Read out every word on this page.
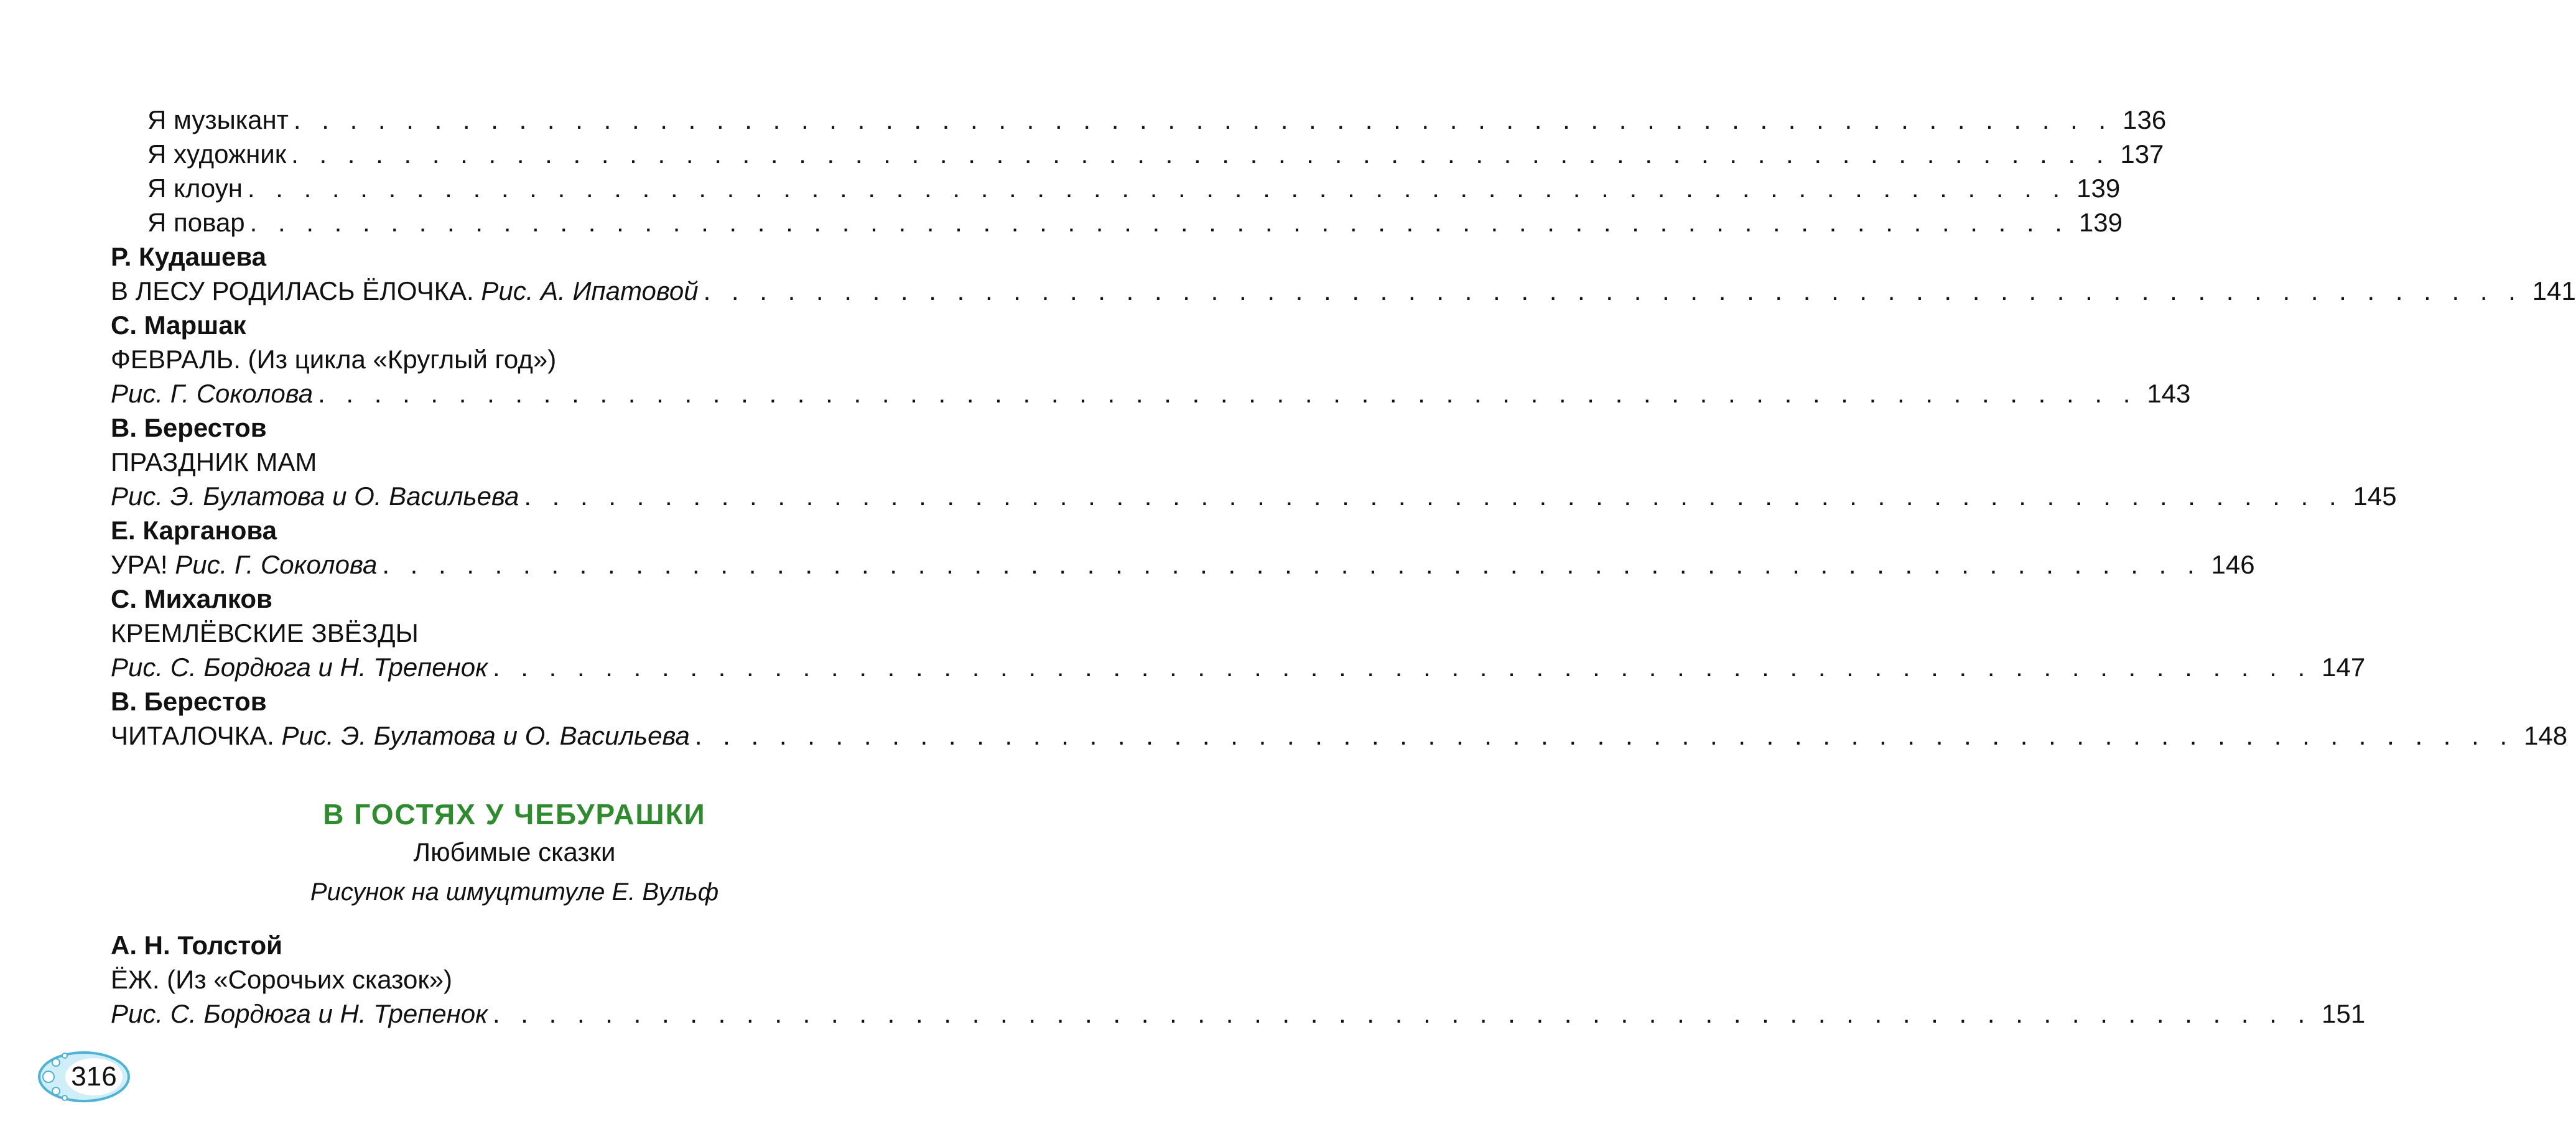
Я музыкант . . . . . . . . . . . . . . . . . . . . . . . . . . . . . . . . . . . . . . . . . . . . . . . . . . . . . . . . . . . . . . . . . 136
Я художник . . . . . . . . . . . . . . . . . . . . . . . . . . . . . . . . . . . . . . . . . . . . . . . . . . . . . . . . . . . . . . . . . 137
Я клоун . . . . . . . . . . . . . . . . . . . . . . . . . . . . . . . . . . . . . . . . . . . . . . . . . . . . . . . . . . . . . . . . . 139
Я повар . . . . . . . . . . . . . . . . . . . . . . . . . . . . . . . . . . . . . . . . . . . . . . . . . . . . . . . . . . . . . . . . . 139
Р. Кудашева
В ЛЕСУ РОДИЛАСЬ ЁЛОЧКА. Рис. А. Ипатовой . . . . . . . . . . . . . . . . . . . . . . . . . . . . . . . . . . . . . . . . . . . . . . . . . . . . . . . . . . . . . . . . . 141
С. Маршак
ФЕВРАЛЬ. (Из цикла «Круглый год»)
Рис. Г. Соколова . . . . . . . . . . . . . . . . . . . . . . . . . . . . . . . . . . . . . . . . . . . . . . . . . . . . . . . . . . . . . . . . . 143
В. Берестов
ПРАЗДНИК МАМ
Рис. Э. Булатова и О. Васильева . . . . . . . . . . . . . . . . . . . . . . . . . . . . . . . . . . . . . . . . . . . . . . . . . . . . . . . . . . . . . . . . . 145
Е. Карганова
УРА! Рис. Г. Соколова . . . . . . . . . . . . . . . . . . . . . . . . . . . . . . . . . . . . . . . . . . . . . . . . . . . . . . . . . . . . . . . . . 146
С. Михалков
КРЕМЛЁВСКИЕ ЗВЁЗДЫ
Рис. С. Бордюга и Н. Трепенок . . . . . . . . . . . . . . . . . . . . . . . . . . . . . . . . . . . . . . . . . . . . . . . . . . . . . . . . . . . . . . . . . 147
В. Берестов
ЧИТАЛОЧКА. Рис. Э. Булатова и О. Васильева . . . . . . . . . . . . . . . . . . . . . . . . . . . . . . . . . . . . . . . . . . . . . . . . . . . . . . . . . . . . . . . . . 148
В ГОСТЯХ У ЧЕБУРАШКИ
Любимые сказки
Рисунок на шмуцтитуле Е. Вульф
А. Н. Толстой
ЁЖ. (Из «Сорочьих сказок»)
Рис. С. Бордюга и Н. Трепенок . . . . . . . . . . . . . . . . . . . . . . . . . . . . . . . . . . . . . . . . . . . . . . . . . . . . . . . . . . . . . . . . . 151
316
